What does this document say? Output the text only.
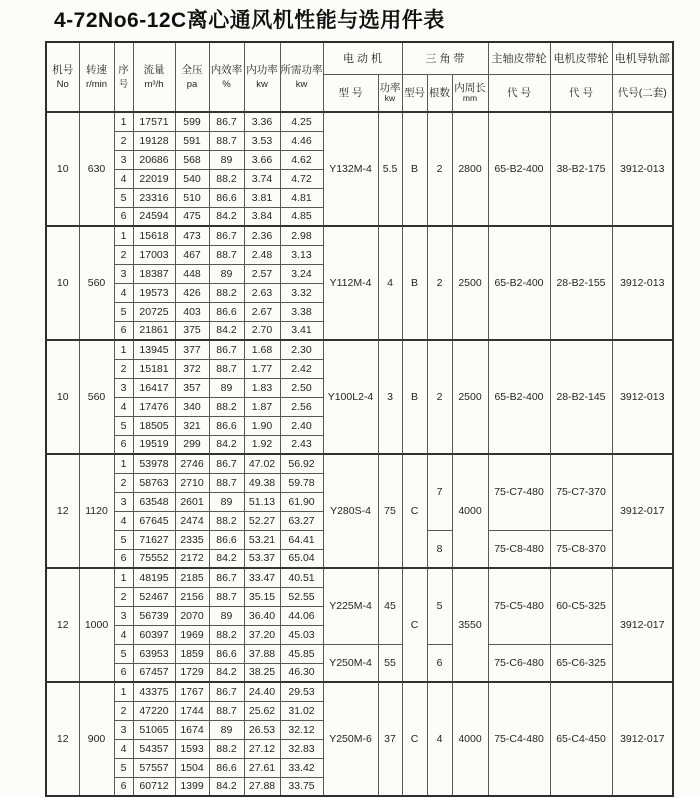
4-72No6-12C离心通风机性能与选用件表
机号
No

转速
r/min

序
号

流量
m³/h

全压
pa

内效率
%

内功率
kw

所需功率
kw
	电 动 机	三 角 带	主轴皮带轮	电机皮带轮	电机导轨部
型 号	功率
kw	型号	根数	内周长
mm	代 号	代 号	代号(二套)
10	630	1	17571	599	86.7	3.36	4.25	Y132M-4	5.5	B	2	2800	65-B2-400	38-B2-175	3912-013
		2	19128	591	88.7	3.53	4.46								
		3	20686	568	89	3.66	4.62								
		4	22019	540	88.2	3.74	4.72								
		5	23316	510	86.6	3.81	4.81								
		6	24594	475	84.2	3.84	4.85								
10	560	1	15618	473	86.7	2.36	2.98	Y112M-4	4	B	2	2500	65-B2-400	28-B2-155	3912-013
		2	17003	467	88.7	2.48	3.13								
		3	18387	448	89	2.57	3.24								
		4	19573	426	88.2	2.63	3.32								
		5	20725	403	86.6	2.67	3.38								
		6	21861	375	84.2	2.70	3.41								
10	560	1	13945	377	86.7	1.68	2.30	Y100L2-4	3	B	2	2500	65-B2-400	28-B2-145	3912-013
		2	15181	372	88.7	1.77	2.42								
		3	16417	357	89	1.83	2.50								
		4	17476	340	88.2	1.87	2.56								
		5	18505	321	86.6	1.90	2.40								
		6	19519	299	84.2	1.92	2.43								
12	1120	1	53978	2746	86.7	47.02	56.92	Y280S-4	75	C	7	4000	75-C7-480	75-C7-370	3912-017
		2	58763	2710	88.7	49.38	59.78								
		3	63548	2601	89	51.13	61.90								
		4	67645	2474	88.2	52.27	63.27								
		5	71627	2335	86.6	53.21	64.41				8		75-C8-480	75-C8-370	
		6	75552	2172	84.2	53.37	65.04								
12	1000	1	48195	2185	86.7	33.47	40.51	Y225M-4	45	C	5	3550	75-C5-480	60-C5-325	3912-017
		2	52467	2156	88.7	35.15	52.55								
		3	56739	2070	89	36.40	44.06								
		4	60397	1969	88.2	37.20	45.03								
		5	63953	1859	86.6	37.88	45.85	Y250M-4	55		6		75-C6-480	65-C6-325	
		6	67457	1729	84.2	38.25	46.30								
12	900	1	43375	1767	86.7	24.40	29.53	Y250M-6	37	C	4	4000	75-C4-480	65-C4-450	3912-017
		2	47220	1744	88.7	25.62	31.02								
		3	51065	1674	89	26.53	32.12								
		4	54357	1593	88.2	27.12	32.83								
		5	57557	1504	86.6	27.61	33.42								
		6	60712	1399	84.2	27.88	33.75								
